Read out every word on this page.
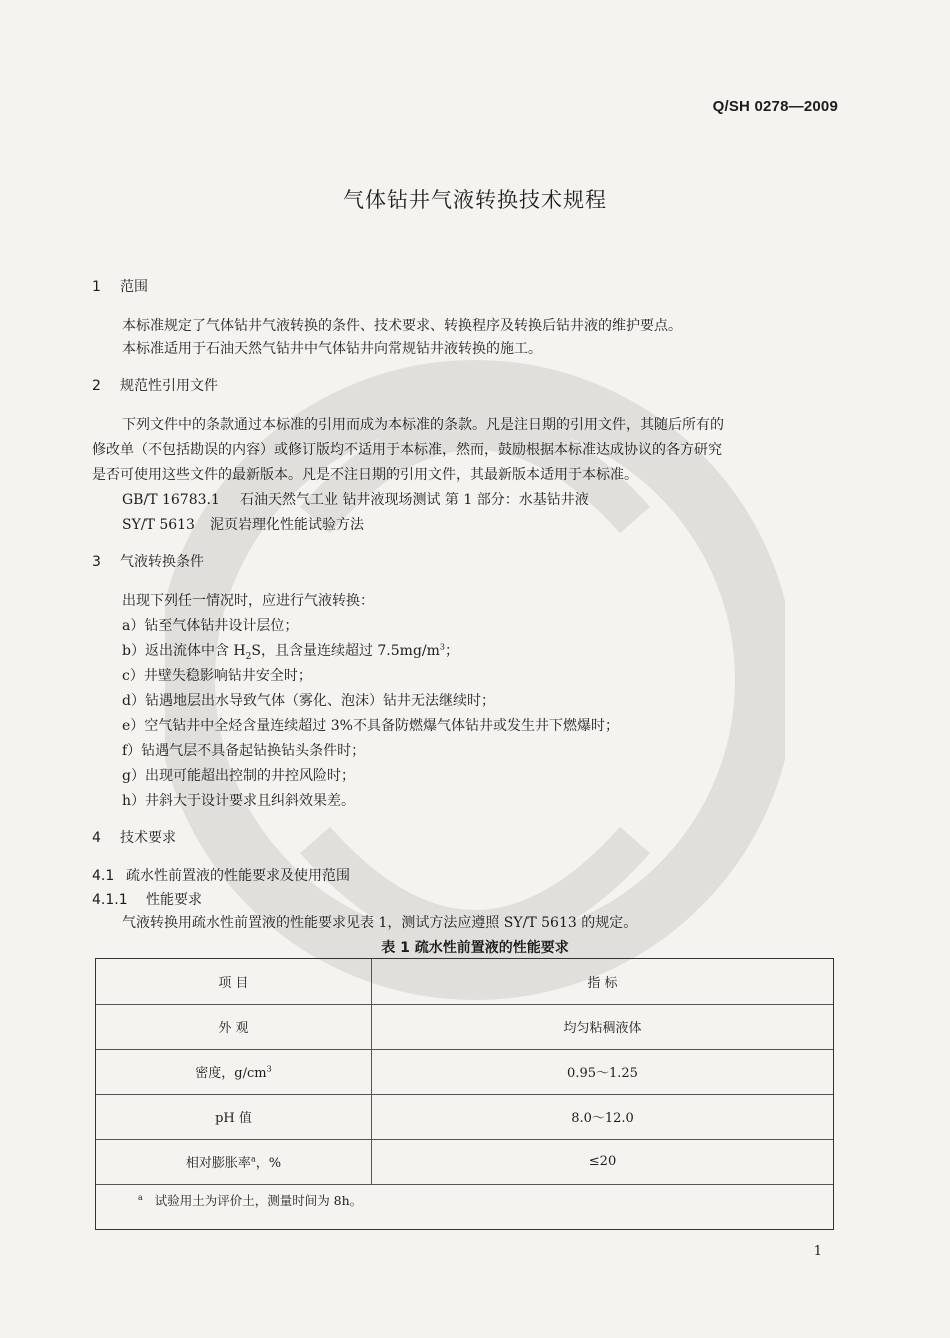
Q/SH 0278—2009
气体钻井气液转换技术规程
1 范围
本标准规定了气体钻井气液转换的条件、技术要求、转换程序及转换后钻井液的维护要点。
本标准适用于石油天然气钻井中气体钻井向常规钻井液转换的施工。
2 规范性引用文件
下列文件中的条款通过本标准的引用而成为本标准的条款。凡是注日期的引用文件，其随后所有的
修改单（不包括勘误的内容）或修订版均不适用于本标准，然而，鼓励根据本标准达成协议的各方研究
是否可使用这些文件的最新版本。凡是不注日期的引用文件，其最新版本适用于本标准。
GB/T 16783.1 石油天然气工业 钻井液现场测试 第 1 部分：水基钻井液
SY/T 5613 泥页岩理化性能试验方法
3 气液转换条件
出现下列任一情况时，应进行气液转换：
a）钻至气体钻井设计层位；
b）返出流体中含 $H_2S$，且含量连续超过 $7.5mg/m^3$；
c）井壁失稳影响钻井安全时；
d）钻遇地层出水导致气体（雾化、泡沫）钻井无法继续时；
e）空气钻井中全烃含量连续超过 3%不具备防燃爆气体钻井或发生井下燃爆时；
f）钻遇气层不具备起钻换钻头条件时；
g）出现可能超出控制的井控风险时；
h）井斜大于设计要求且纠斜效果差。
4 技术要求
4.1 疏水性前置液的性能要求及使用范围
4.1.1 性能要求
气液转换用疏水性前置液的性能要求见表 1，测试方法应遵照 SY/T 5613 的规定。
表 1 疏水性前置液的性能要求
项 目	指 标
外 观	均匀粘稠液体
密度，$g/cm^3$	0.95～1.25
pH 值	8.0～12.0
相对膨胀率$^a$，%	≤20
$^a$ 试验用土为评价土，测量时间为 8h。
1
